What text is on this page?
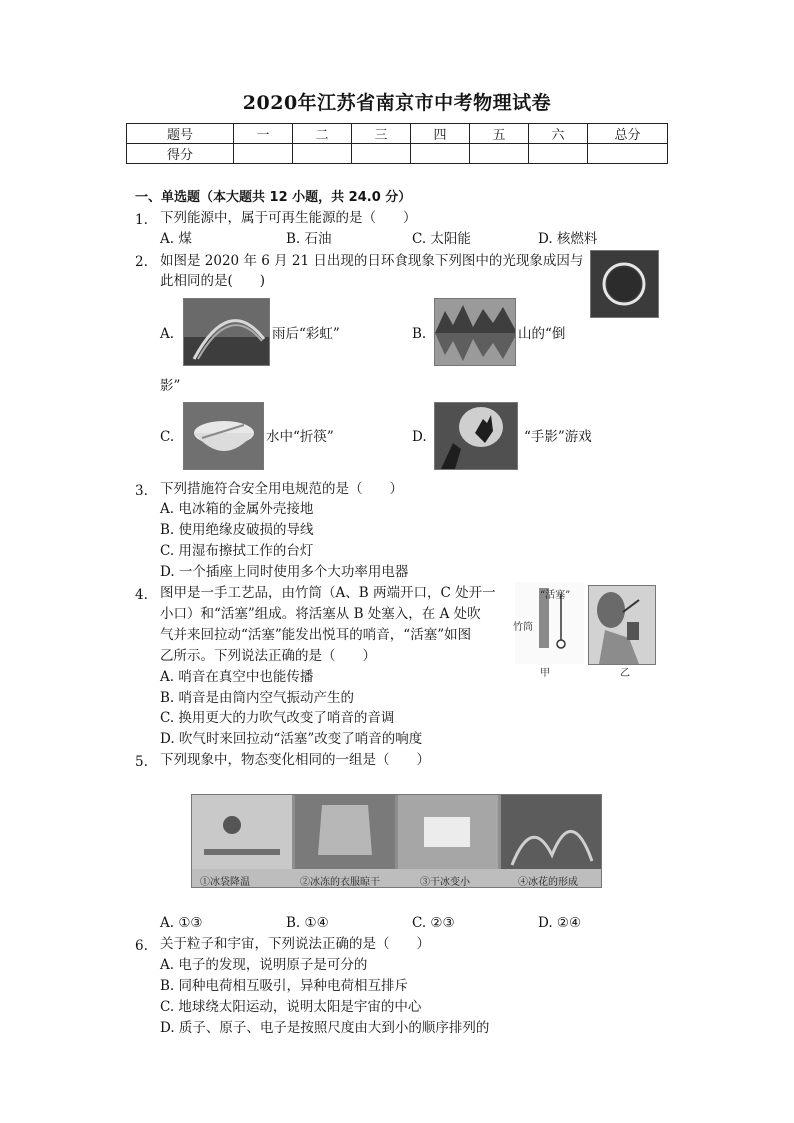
2020年江苏省南京市中考物理试卷
题号	一	二	三	四	五	六	总分
得分							
一、单选题（本大题共 12 小题，共 24.0 分）
1. 下列能源中，属于可再生能源的是（　　）
A. 煤	B. 石油	C. 太阳能	D. 核燃料
2. 如图是 2020 年 6 月 21 日出现的日环食现象下列图中的光现象成因与
此相同的是(　　)
A.	雨后“彩虹”	B.	山的“倒
影”
C.	水中“折筷”	D.	“手影”游戏
3. 下列措施符合安全用电规范的是（　　）
A. 电冰箱的金属外壳接地
B. 使用绝缘皮破损的导线
C. 用湿布擦拭工作的台灯
D. 一个插座上同时使用多个大功率用电器
4. 图甲是一手工艺品，由竹筒（A、B 两端开口，C 处开一
小口）和“活塞”组成。将活塞从 B 处塞入，在 A 处吹
气并来回拉动“活塞”能发出悦耳的哨音，“活塞”如图
乙所示。下列说法正确的是（　　）
A. 哨音在真空中也能传播
B. 哨音是由筒内空气振动产生的
C. 换用更大的力吹气改变了哨音的音调
D. 吹气时来回拉动“活塞”改变了哨音的响度
“活塞”
竹筒
甲	乙
5. 下列现象中，物态变化相同的一组是（　　）
①冰袋降温	②冰冻的衣服晾干	③干冰变小	④冰花的形成
A. ①③	B. ①④	C. ②③	D. ②④
6. 关于粒子和宇宙，下列说法正确的是（　　）
A. 电子的发现，说明原子是可分的
B. 同种电荷相互吸引，异种电荷相互排斥
C. 地球绕太阳运动，说明太阳是宇宙的中心
D. 质子、原子、电子是按照尺度由大到小的顺序排列的
